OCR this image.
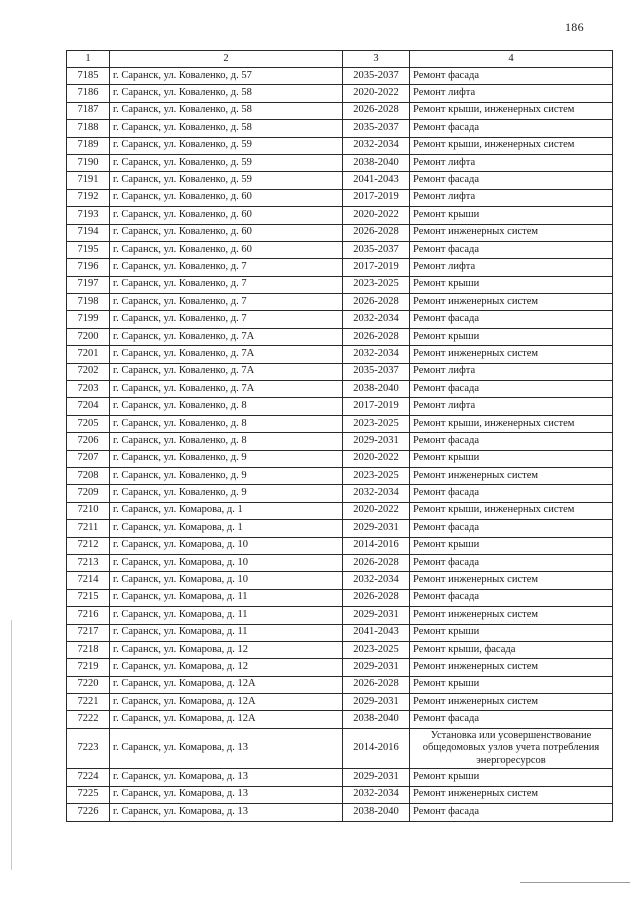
186
1	2	3	4
7185	г. Саранск, ул. Коваленко, д. 57	2035-2037	Ремонт фасада
7186	г. Саранск, ул. Коваленко, д. 58	2020-2022	Ремонт лифта
7187	г. Саранск, ул. Коваленко, д. 58	2026-2028	Ремонт крыши, инженерных систем
7188	г. Саранск, ул. Коваленко, д. 58	2035-2037	Ремонт фасада
7189	г. Саранск, ул. Коваленко, д. 59	2032-2034	Ремонт крыши, инженерных систем
7190	г. Саранск, ул. Коваленко, д. 59	2038-2040	Ремонт лифта
7191	г. Саранск, ул. Коваленко, д. 59	2041-2043	Ремонт фасада
7192	г. Саранск, ул. Коваленко, д. 60	2017-2019	Ремонт лифта
7193	г. Саранск, ул. Коваленко, д. 60	2020-2022	Ремонт крыши
7194	г. Саранск, ул. Коваленко, д. 60	2026-2028	Ремонт инженерных систем
7195	г. Саранск, ул. Коваленко, д. 60	2035-2037	Ремонт фасада
7196	г. Саранск, ул. Коваленко, д. 7	2017-2019	Ремонт лифта
7197	г. Саранск, ул. Коваленко, д. 7	2023-2025	Ремонт крыши
7198	г. Саранск, ул. Коваленко, д. 7	2026-2028	Ремонт инженерных систем
7199	г. Саранск, ул. Коваленко, д. 7	2032-2034	Ремонт фасада
7200	г. Саранск, ул. Коваленко, д. 7А	2026-2028	Ремонт крыши
7201	г. Саранск, ул. Коваленко, д. 7А	2032-2034	Ремонт инженерных систем
7202	г. Саранск, ул. Коваленко, д. 7А	2035-2037	Ремонт лифта
7203	г. Саранск, ул. Коваленко, д. 7А	2038-2040	Ремонт фасада
7204	г. Саранск, ул. Коваленко, д. 8	2017-2019	Ремонт лифта
7205	г. Саранск, ул. Коваленко, д. 8	2023-2025	Ремонт крыши, инженерных систем
7206	г. Саранск, ул. Коваленко, д. 8	2029-2031	Ремонт фасада
7207	г. Саранск, ул. Коваленко, д. 9	2020-2022	Ремонт крыши
7208	г. Саранск, ул. Коваленко, д. 9	2023-2025	Ремонт инженерных систем
7209	г. Саранск, ул. Коваленко, д. 9	2032-2034	Ремонт фасада
7210	г. Саранск, ул. Комарова, д. 1	2020-2022	Ремонт крыши, инженерных систем
7211	г. Саранск, ул. Комарова, д. 1	2029-2031	Ремонт фасада
7212	г. Саранск, ул. Комарова, д. 10	2014-2016	Ремонт крыши
7213	г. Саранск, ул. Комарова, д. 10	2026-2028	Ремонт фасада
7214	г. Саранск, ул. Комарова, д. 10	2032-2034	Ремонт инженерных систем
7215	г. Саранск, ул. Комарова, д. 11	2026-2028	Ремонт фасада
7216	г. Саранск, ул. Комарова, д. 11	2029-2031	Ремонт инженерных систем
7217	г. Саранск, ул. Комарова, д. 11	2041-2043	Ремонт крыши
7218	г. Саранск, ул. Комарова, д. 12	2023-2025	Ремонт крыши, фасада
7219	г. Саранск, ул. Комарова, д. 12	2029-2031	Ремонт инженерных систем
7220	г. Саранск, ул. Комарова, д. 12А	2026-2028	Ремонт крыши
7221	г. Саранск, ул. Комарова, д. 12А	2029-2031	Ремонт инженерных систем
7222	г. Саранск, ул. Комарова, д. 12А	2038-2040	Ремонт фасада
7223	г. Саранск, ул. Комарова, д. 13	2014-2016	Установка или усовершенствование общедомовых узлов учета потребления энергоресурсов
7224	г. Саранск, ул. Комарова, д. 13	2029-2031	Ремонт крыши
7225	г. Саранск, ул. Комарова, д. 13	2032-2034	Ремонт инженерных систем
7226	г. Саранск, ул. Комарова, д. 13	2038-2040	Ремонт фасада
